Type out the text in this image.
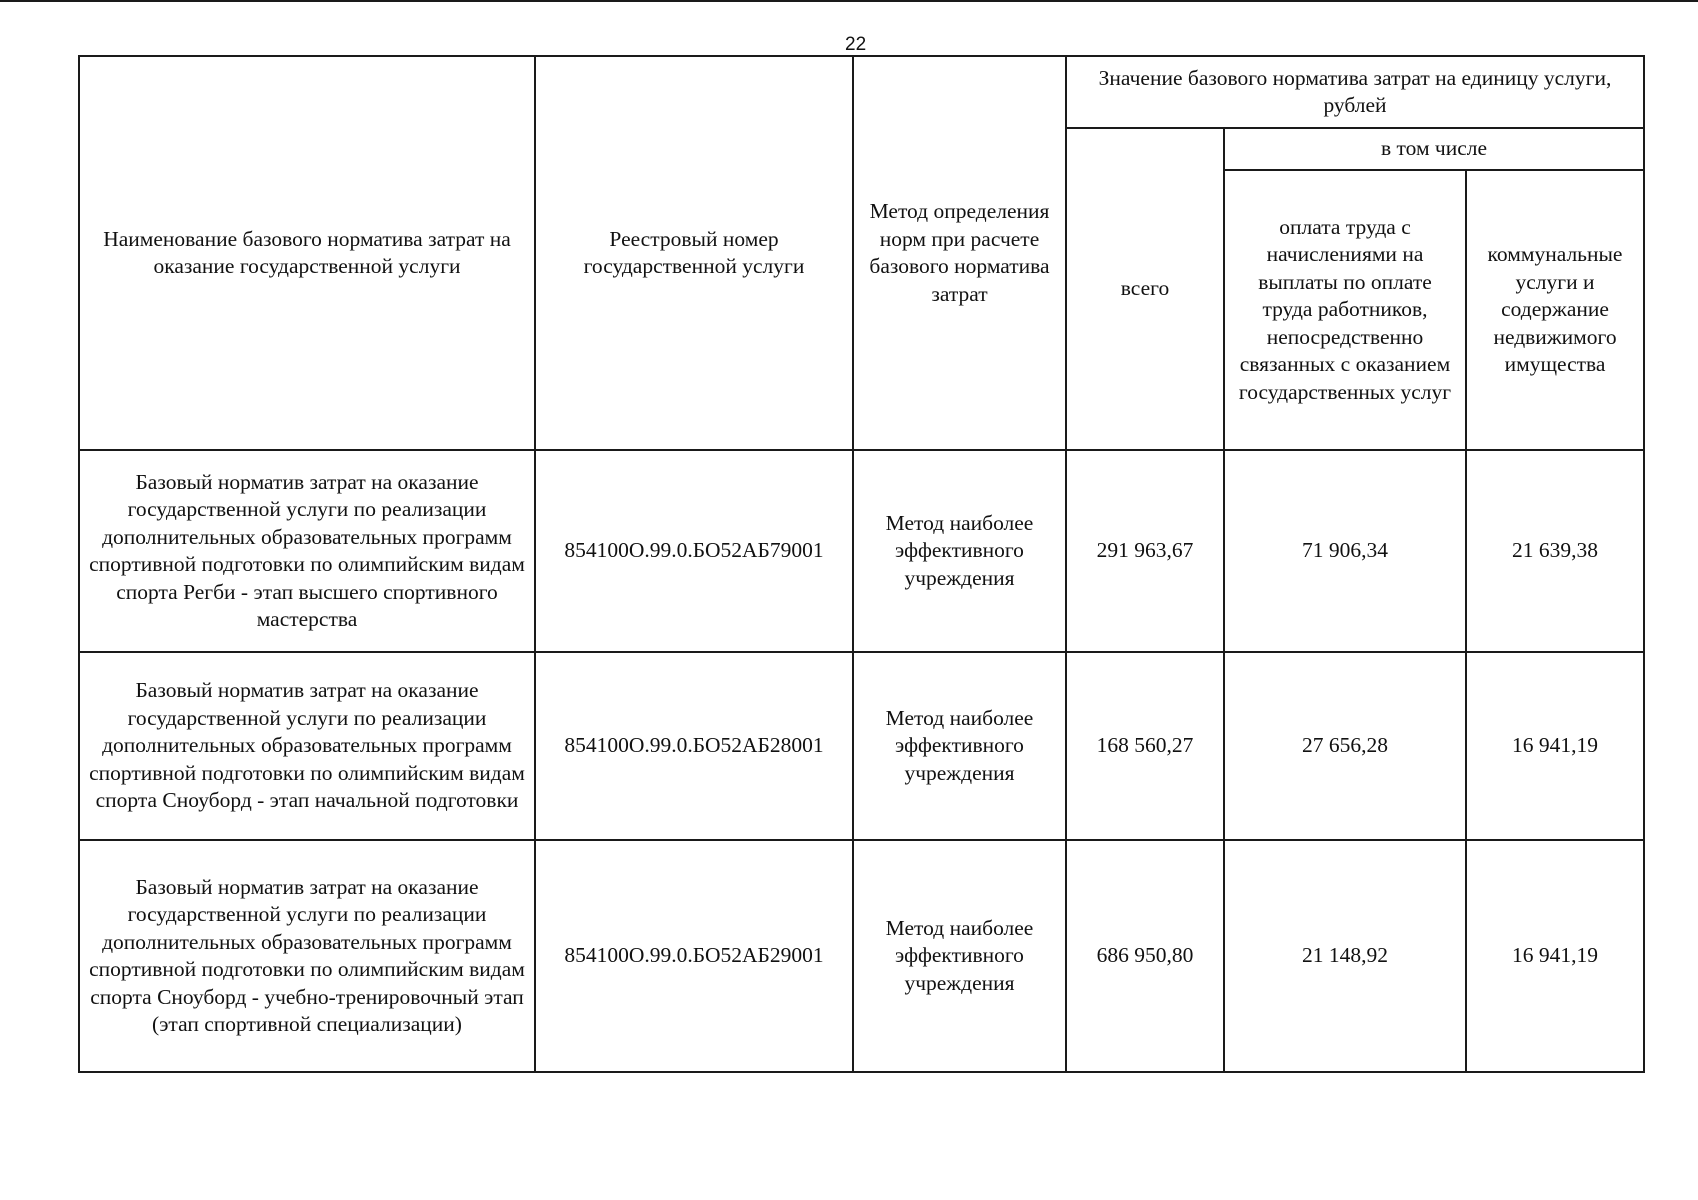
22
Наименование базового норматива затрат на оказание государственной услуги	Реестровый номер государственной услуги	Метод определения норм при расчете базового норматива затрат	Значение базового норматива затрат на единицу услуги, рублей		
			всего	в том числе	
				оплата труда с начислениями на выплаты по оплате труда работников, непосредственно связанных с оказанием государственных услуг	коммунальные услуги и содержание недвижимого имущества
Базовый норматив затрат на оказание государственной услуги по реализации дополнительных образовательных программ спортивной подготовки по олимпийским видам спорта Регби - этап высшего спортивного мастерства	854100О.99.0.БО52АБ79001	Метод наиболее эффективного учреждения	291 963,67	71 906,34	21 639,38
Базовый норматив затрат на оказание государственной услуги по реализации дополнительных образовательных программ спортивной подготовки по олимпийским видам спорта Сноуборд - этап начальной подготовки	854100О.99.0.БО52АБ28001	Метод наиболее эффективного учреждения	168 560,27	27 656,28	16 941,19
Базовый норматив затрат на оказание государственной услуги по реализации дополнительных образовательных программ спортивной подготовки по олимпийским видам спорта Сноуборд - учебно-тренировочный этап (этап спортивной специализации)	854100О.99.0.БО52АБ29001	Метод наиболее эффективного учреждения	686 950,80	21 148,92	16 941,19
